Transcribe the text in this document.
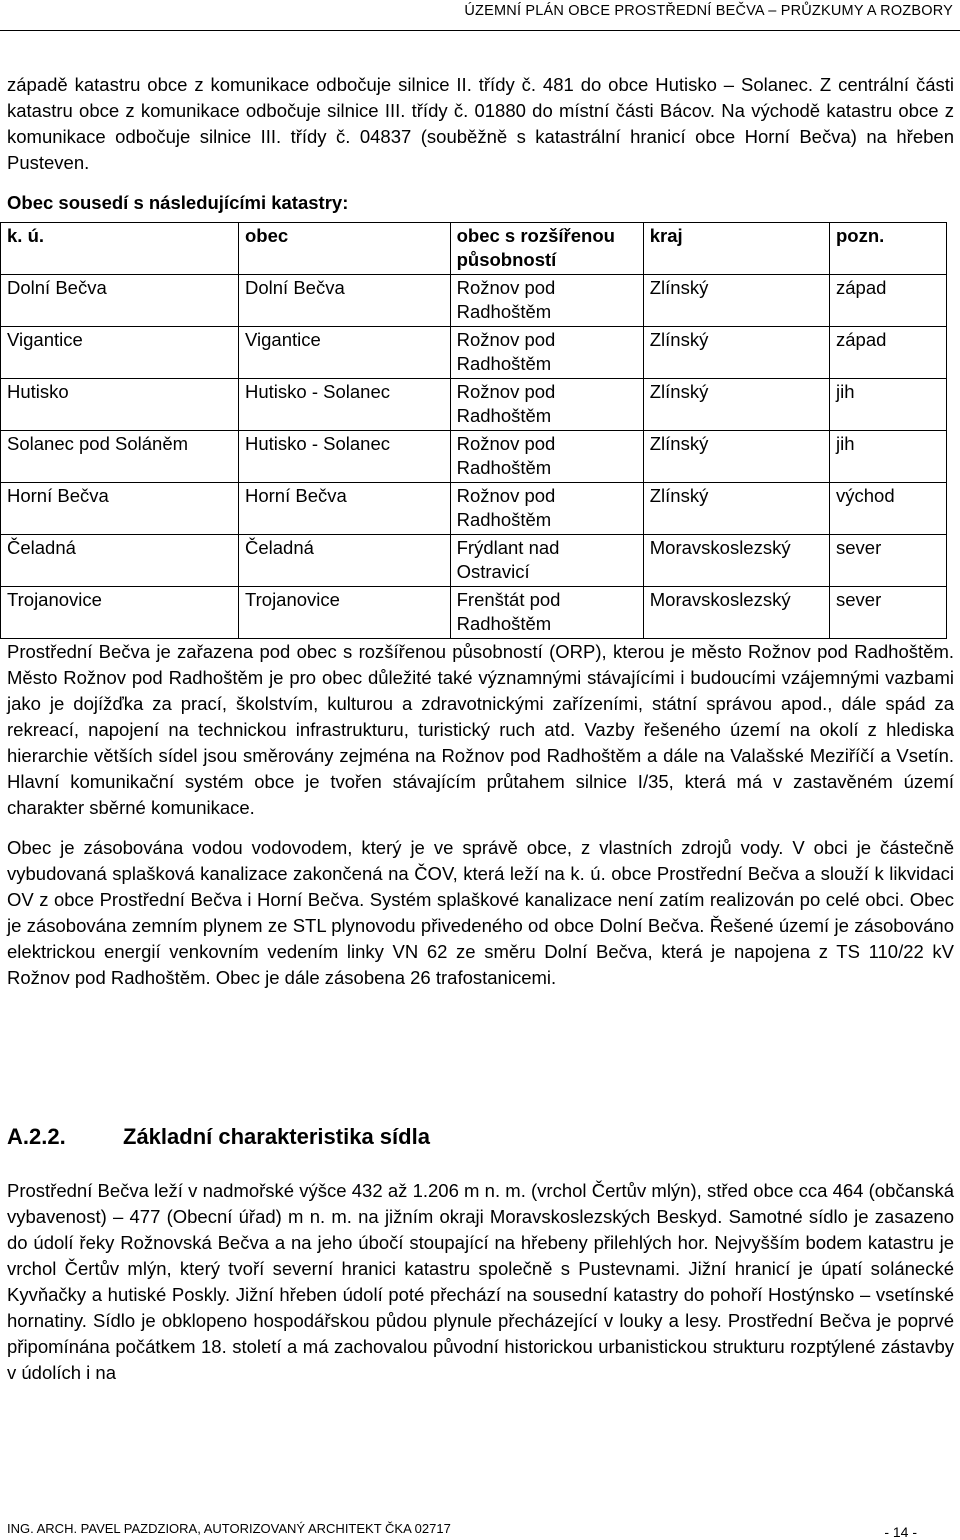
ÚZEMNÍ PLÁN OBCE PROSTŘEDNÍ BEČVA – PRŮZKUMY A ROZBORY

západě katastru obce z komunikace odbočuje silnice II. třídy č. 481 do obce Hutisko – Solanec. Z centrální části katastru obce z komunikace odbočuje silnice III. třídy č. 01880 do místní části Bácov. Na východě katastru obce z komunikace odbočuje silnice III. třídy č. 04837 (souběžně s katastrální hranicí obce Horní Bečva) na hřeben Pusteven.

Obec sousedí s následujícími katastry:
k. ú.	obec	obec s rozšířenou působností	kraj	pozn.
Dolní Bečva	Dolní Bečva	Rožnov pod Radhoštěm	Zlínský	západ
Vigantice	Vigantice	Rožnov pod Radhoštěm	Zlínský	západ
Hutisko	Hutisko - Solanec	Rožnov pod Radhoštěm	Zlínský	jih
Solanec pod Soláněm	Hutisko - Solanec	Rožnov pod Radhoštěm	Zlínský	jih
Horní Bečva	Horní Bečva	Rožnov pod Radhoštěm	Zlínský	východ
Čeladná	Čeladná	Frýdlant nad Ostravicí	Moravskoslezský	sever
Trojanovice	Trojanovice	Frenštát pod Radhoštěm	Moravskoslezský	sever

Prostřední Bečva je zařazena pod obec s rozšířenou působností (ORP), kterou je město Rožnov pod Radhoštěm. Město Rožnov pod Radhoštěm je pro obec důležité také významnými stávajícími i budoucími vzájemnými vazbami jako je dojížďka za prací, školstvím, kulturou a zdravotnickými zařízeními, státní správou apod., dále spád za rekreací, napojení na technickou infrastrukturu, turistický ruch atd. Vazby řešeného území na okolí z hlediska hierarchie větších sídel jsou směrovány zejména na Rožnov pod Radhoštěm a dále na Valašské Meziříčí a Vsetín. Hlavní komunikační systém obce je tvořen stávajícím průtahem silnice I/35, která má v zastavěném území charakter sběrné komunikace.

Obec je zásobována vodou vodovodem, který je ve správě obce, z vlastních zdrojů vody. V obci je částečně vybudovaná splašková kanalizace zakončená na ČOV, která leží na k. ú. obce Prostřední Bečva a slouží k likvidaci OV z obce Prostřední Bečva i Horní Bečva. Systém splaškové kanalizace není zatím realizován po celé obci. Obec je zásobována zemním plynem ze STL plynovodu přivedeného od obce Dolní Bečva. Řešené území je zásobováno elektrickou energií venkovním vedením linky VN 62 ze směru Dolní Bečva, která je napojena z TS 110/22 kV Rožnov pod Radhoštěm. Obec je dále zásobena 26 trafostanicemi.

A.2.2.	Základní charakteristika sídla

Prostřední Bečva leží v nadmořské výšce 432 až 1.206 m n. m. (vrchol Čertův mlýn), střed obce cca 464 (občanská vybavenost) – 477 (Obecní úřad) m n. m. na jižním okraji Moravskoslezských Beskyd. Samotné sídlo je zasazeno do údolí řeky Rožnovská Bečva a na jeho úbočí stoupající na hřebeny přilehlých hor. Nejvyšším bodem katastru je vrchol Čertův mlýn, který tvoří severní hranici katastru společně s Pustevnami. Jižní hranicí je úpatí solánecké Kyvňačky a hutiské Poskly. Jižní hřeben údolí poté přechází na sousední katastry do pohoří Hostýnsko – vsetínské hornatiny. Sídlo je obklopeno hospodářskou půdou plynule přecházející v louky a lesy. Prostřední Bečva je poprvé připomínána počátkem 18. století a má zachovalou původní historickou urbanistickou strukturu rozptýlené zástavby v údolích i na

ING. ARCH. PAVEL PAZDZIORA, AUTORIZOVANÝ ARCHITEKT ČKA 02717	- 14 -
